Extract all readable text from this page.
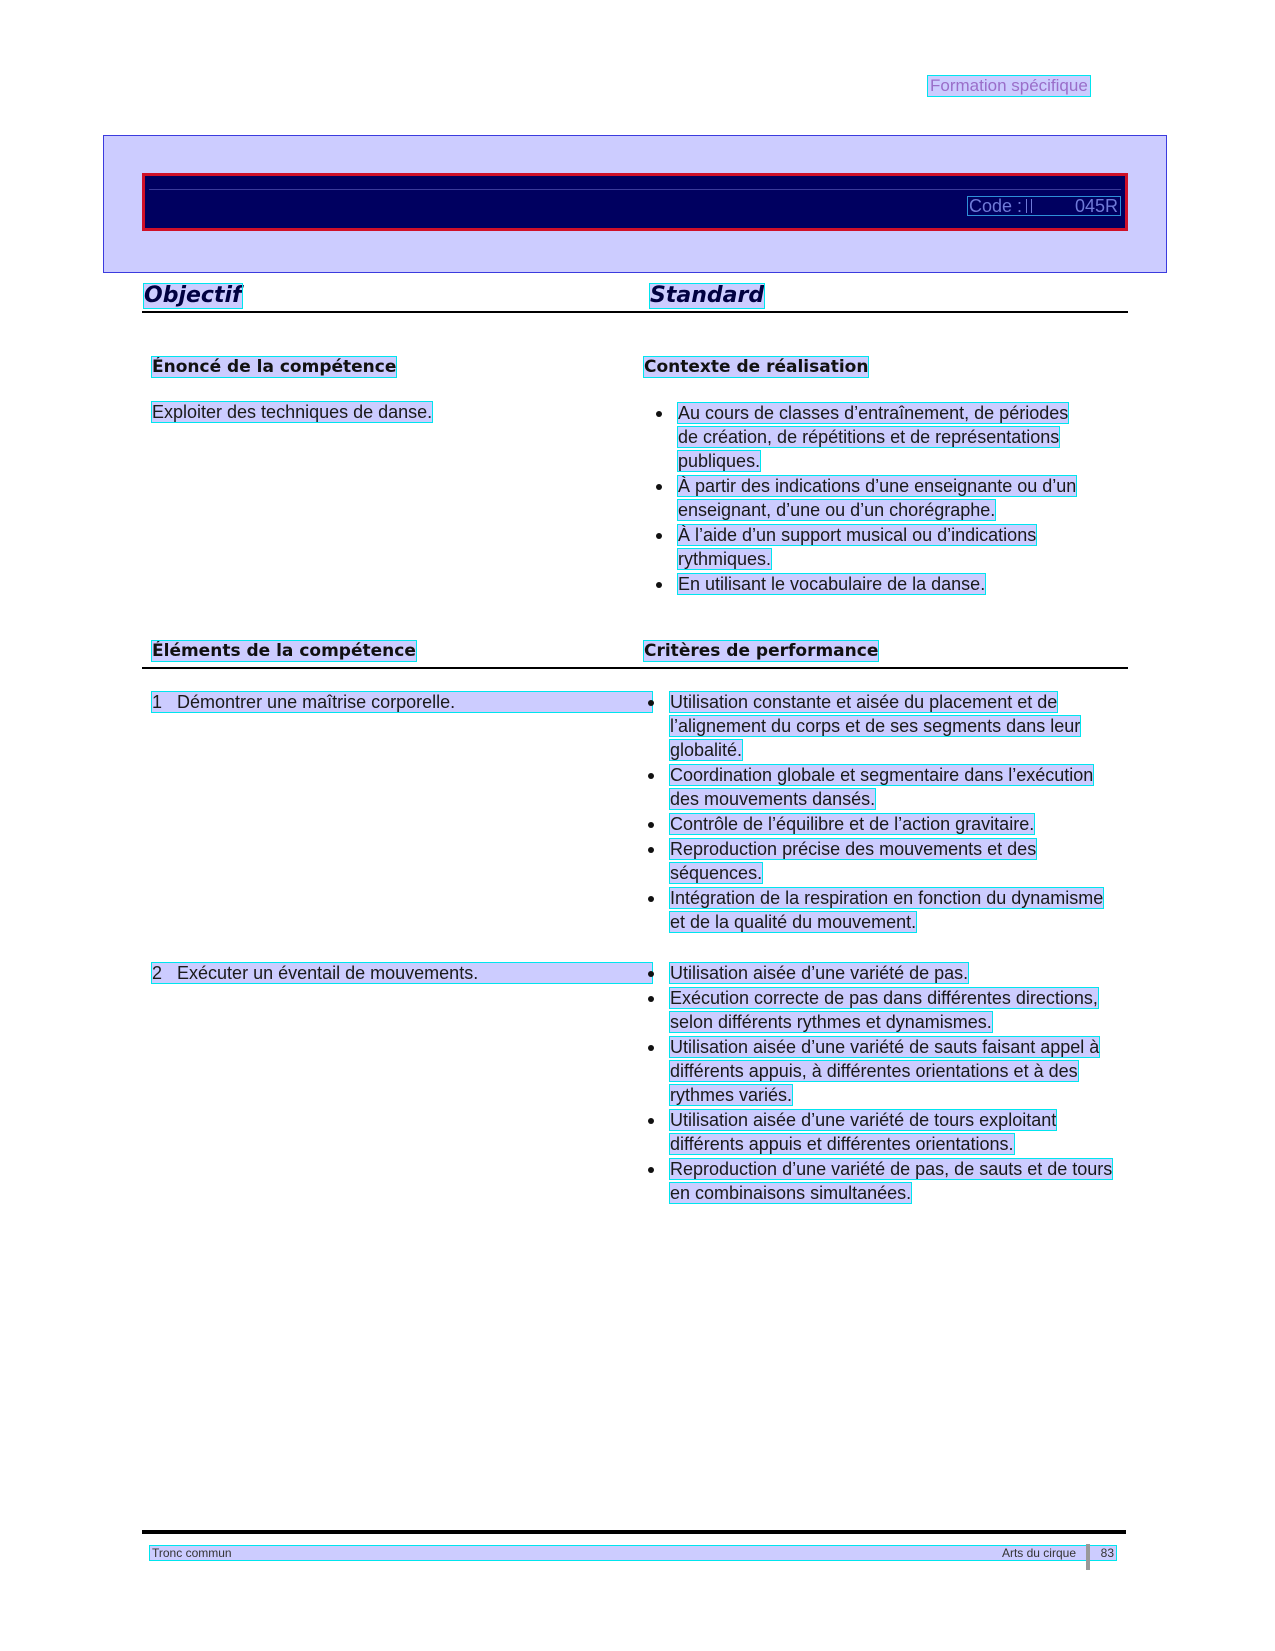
Formation spécifique
Code :	045R
Objectif	Standard
Énoncé de la compétence	Contexte de réalisation
Exploiter des techniques de danse.	Au cours de classes d’entraînement, de périodes de création, de répétitions et de représentations publiques.
À partir des indications d’une enseignante ou d’un enseignant, d’une ou d’un chorégraphe.
À l’aide d’un support musical ou d’indications rythmiques.
En utilisant le vocabulaire de la danse.
Éléments de la compétence	Critères de performance
1 Démontrer une maîtrise corporelle.	Utilisation constante et aisée du placement et de l’alignement du corps et de ses segments dans leur globalité.
Coordination globale et segmentaire dans l’exécution des mouvements dansés.
Contrôle de l’équilibre et de l’action gravitaire.
Reproduction précise des mouvements et des séquences.
Intégration de la respiration en fonction du dynamisme et de la qualité du mouvement.
2 Exécuter un éventail de mouvements.	Utilisation aisée d’une variété de pas.
Exécution correcte de pas dans différentes directions, selon différents rythmes et dynamismes.
Utilisation aisée d’une variété de sauts faisant appel à différents appuis, à différentes orientations et à des rythmes variés.
Utilisation aisée d’une variété de tours exploitant différents appuis et différentes orientations.
Reproduction d’une variété de pas, de sauts et de tours en combinaisons simultanées.
Tronc commun	Arts du cirque 83
